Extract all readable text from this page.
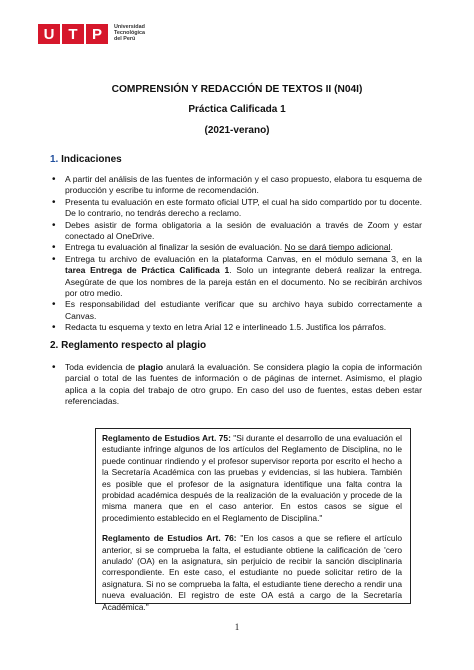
U T P Universidad
Tecnológica
del Perú
COMPRENSIÓN Y REDACCIÓN DE TEXTOS II (N04I)
Práctica Calificada 1
(2021-verano)
1. Indicaciones
• A partir del análisis de las fuentes de información y el caso propuesto, elabora tu esquema de producción y escribe tu informe de recomendación.
• Presenta tu evaluación en este formato oficial UTP, el cual ha sido compartido por tu docente. De lo contrario, no tendrás derecho a reclamo.
• Debes asistir de forma obligatoria a la sesión de evaluación a través de Zoom y estar conectado al OneDrive.
• Entrega tu evaluación al finalizar la sesión de evaluación. No se dará tiempo adicional.
• Entrega tu archivo de evaluación en la plataforma Canvas, en el módulo semana 3, en la tarea Entrega de Práctica Calificada 1. Solo un integrante deberá realizar la entrega. Asegúrate de que los nombres de la pareja están en el documento. No se recibirán archivos por otro medio.
• Es responsabilidad del estudiante verificar que su archivo haya subido correctamente a Canvas.
• Redacta tu esquema y texto en letra Arial 12 e interlineado 1.5. Justifica los párrafos.
2. Reglamento respecto al plagio
• Toda evidencia de plagio anulará la evaluación. Se considera plagio la copia de información parcial o total de las fuentes de información o de páginas de internet. Asimismo, el plagio aplica a la copia del trabajo de otro grupo. En caso del uso de fuentes, estas deben estar referenciadas.

Reglamento de Estudios Art. 75: "Si durante el desarrollo de una evaluación el estudiante infringe algunos de los artículos del Reglamento de Disciplina, no le puede continuar rindiendo y el profesor supervisor reporta por escrito el hecho a la Secretaría Académica con las pruebas y evidencias, si las hubiera. También es posible que el profesor de la asignatura identifique una falta contra la probidad académica después de la realización de la evaluación y procede de la misma manera que en el caso anterior. En estos casos se sigue el procedimiento establecido en el Reglamento de Disciplina."

Reglamento de Estudios Art. 76: "En los casos a que se refiere el artículo anterior, si se comprueba la falta, el estudiante obtiene la calificación de 'cero anulado' (OA) en la asignatura, sin perjuicio de recibir la sanción disciplinaria correspondiente. En este caso, el estudiante no puede solicitar retiro de la asignatura. Si no se comprueba la falta, el estudiante tiene derecho a rendir una nueva evaluación. El registro de este OA está a cargo de la Secretaría Académica."

1
